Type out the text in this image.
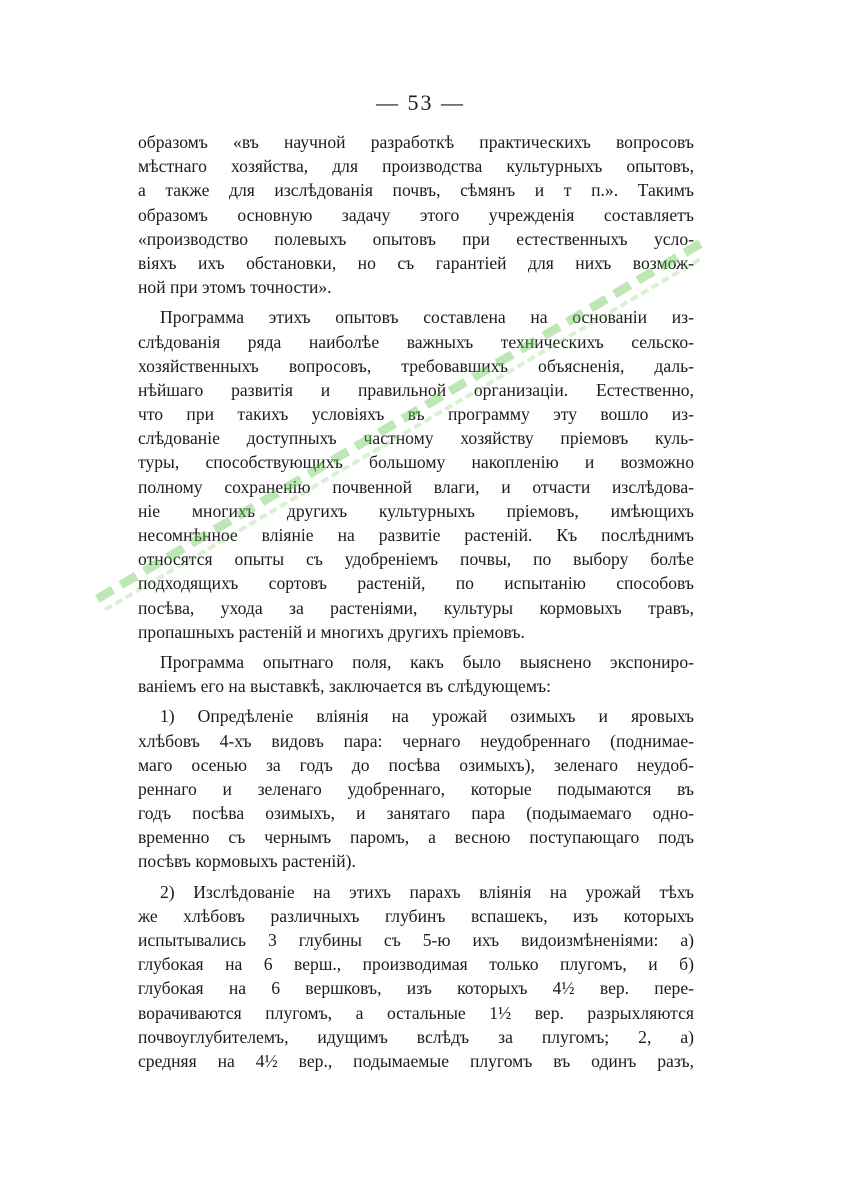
— 53 —
образомъ «въ научной разработкѣ практическихъ вопросовъ
мѣстнаго хозяйства, для производства культурныхъ опытовъ,
а также для изслѣдованія почвъ, сѣмянъ и т п.». Такимъ
образомъ основную задачу этого учрежденія составляетъ
«производство полевыхъ опытовъ при естественныхъ усло-
віяхъ ихъ обстановки, но съ гарантіей для нихъ возмож-
ной при этомъ точности».
Программа этихъ опытовъ составлена на основаніи из-
слѣдованія ряда наиболѣе важныхъ техническихъ сельско-
хозяйственныхъ вопросовъ, требовавшихъ объясненія, даль-
нѣйшаго развитія и правильной организаціи. Естественно,
что при такихъ условіяхъ въ программу эту вошло из-
слѣдованіе доступныхъ частному хозяйству пріемовъ куль-
туры, способствующихъ большому накопленію и возможно
полному сохраненію почвенной влаги, и отчасти изслѣдова-
ніе многихъ другихъ культурныхъ пріемовъ, имѣющихъ
несомнѣнное вліяніе на развитіе растеній. Къ послѣднимъ
относятся опыты съ удобреніемъ почвы, по выбору болѣе
подходящихъ сортовъ растеній, по испытанію способовъ
посѣва, ухода за растеніями, культуры кормовыхъ травъ,
пропашныхъ растеній и многихъ другихъ пріемовъ.
Программа опытнаго поля, какъ было выяснено экспониро-
ваніемъ его на выставкѣ, заключается въ слѣдующемъ:
1) Опредѣленіе вліянія на урожай озимыхъ и яровыхъ
хлѣбовъ 4-хъ видовъ пара: чернаго неудобреннаго (поднимае-
маго осенью за годъ до посѣва озимыхъ), зеленаго неудоб-
реннаго и зеленаго удобреннаго, которые подымаются въ
годъ посѣва озимыхъ, и занятаго пара (подымаемаго одно-
временно съ чернымъ паромъ, а весною поступающаго подъ
посѣвъ кормовыхъ растеній).
2) Изслѣдованіе на этихъ парахъ вліянія на урожай тѣхъ
же хлѣбовъ различныхъ глубинъ вспашекъ, изъ которыхъ
испытывались 3 глубины съ 5-ю ихъ видоизмѣненіями: а)
глубокая на 6 верш., производимая только плугомъ, и б)
глубокая на 6 вершковъ, изъ которыхъ 4½ вер. пере-
ворачиваются плугомъ, а остальные 1½ вер. разрыхляются
почвоуглубителемъ, идущимъ вслѣдъ за плугомъ; 2, а)
средняя на 4½ вер., подымаемые плугомъ въ одинъ разъ,
